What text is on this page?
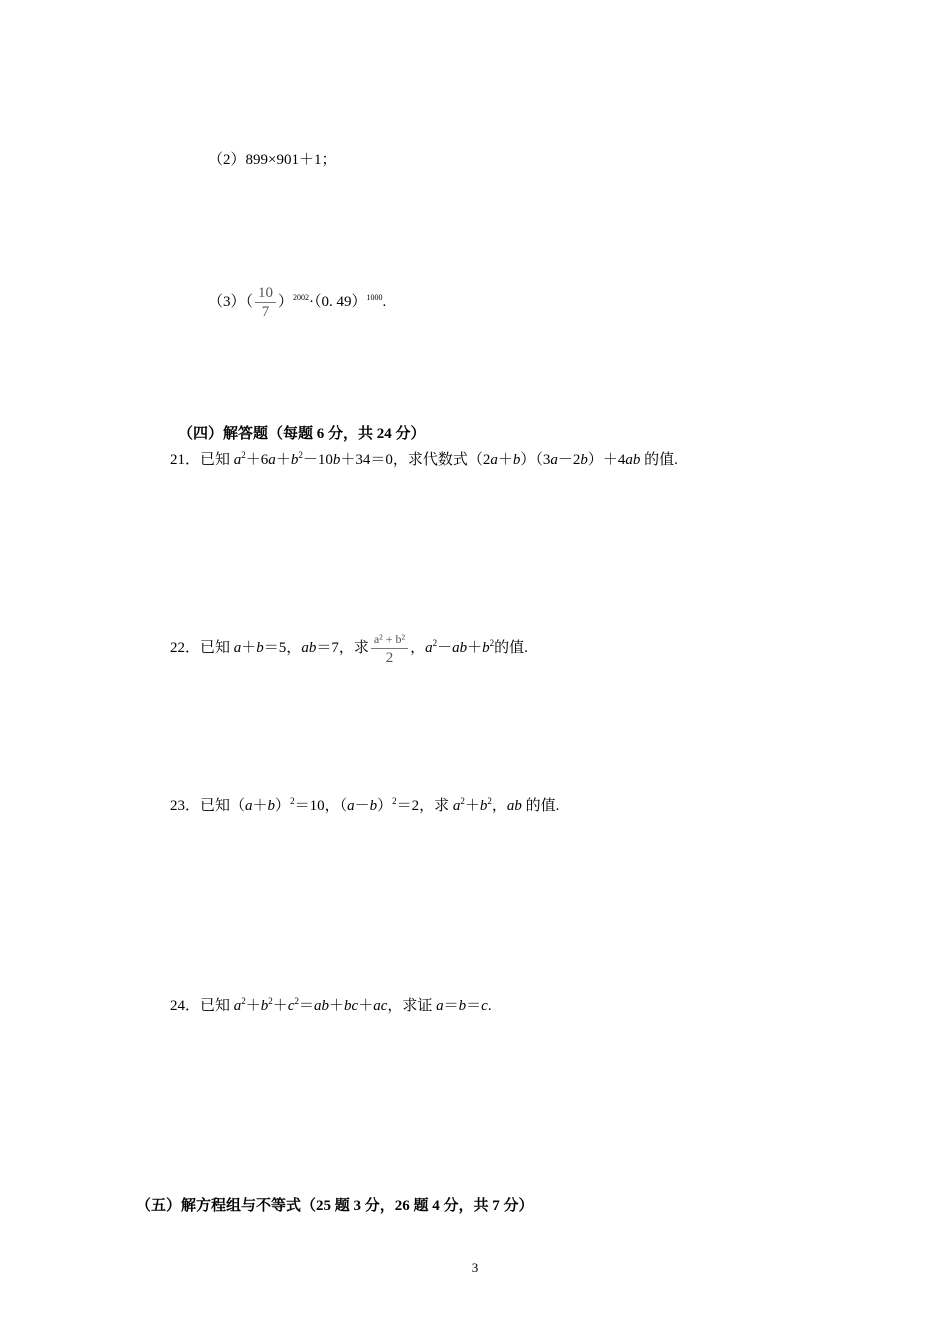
（2）899×901＋1；
$(3)( \frac{10}{7} )^{2002}\cdot(0$. 49）$^{1000}$.
（四）解答题（每题 6 分，共 24 分）
21．已知 $a^2+6a+b^2-10b+34=0$，求代数式（2a＋b）（3a－2b）＋4ab 的值.
22．已知 a＋b＝5，ab＝7，求 $\frac{\text{a² + b²}}{2}$ ，$a^2-ab+b^2$的值.
23．已知$(a+b)^2=10$，$(a-b)^2=2$，求 $a^2+b^2$，ab 的值.
24．已知 $a^2+b^2+c^2=ab+bc+ac$，求证 a＝b＝c.
（五）解方程组与不等式（25 题 3 分，26 题 4 分，共 7 分）
3
